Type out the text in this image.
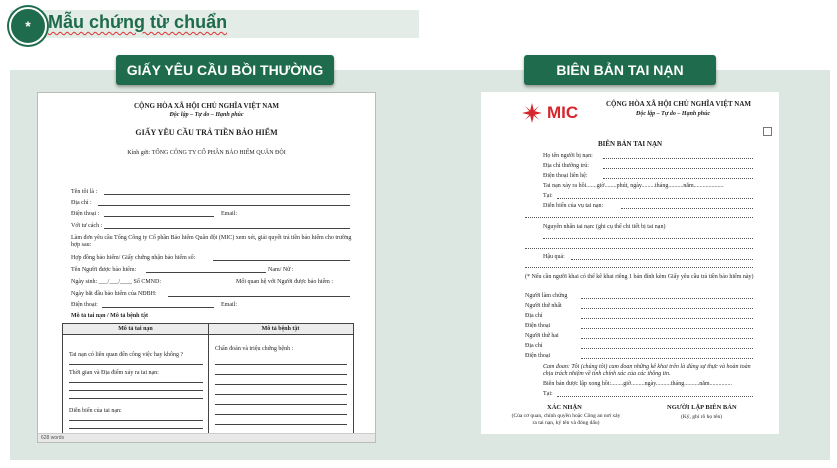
* Mẫu chứng từ chuẩn
GIẤY YÊU CẦU BỒI THƯỜNG	BIÊN BẢN TAI NẠN
CỘNG HÒA XÃ HỘI CHỦ NGHĨA VIỆT NAM
Độc lập – Tự do – Hạnh phúc
GIẤY YÊU CẦU TRẢ TIỀN BẢO HIỂM
Kính gửi: TỔNG CÔNG TY CỔ PHẦN BẢO HIỂM QUÂN ĐỘI
Tên tôi là :
Địa chỉ :
Điện thoại :	Email:
Với tư cách :
Làm đơn yêu cầu Tổng Công ty Cổ phần Bảo hiểm Quân đội (MIC) xem xét, giải quyết trả tiền bảo hiểm cho trường hợp sau:
Hợp đồng bảo hiểm/ Giấy chứng nhận bảo hiểm số:
Tên Người được bảo hiểm:	Nam/ Nữ :
Ngày sinh: ___/___/____ Số CMND:	Mối quan hệ với Người được bảo hiểm :
Ngày bắt đầu bảo hiểm của NĐBH:
Điện thoại:	Email:
Mô tả tai nạn / Mô tả bệnh tật
Mô tả tai nạn	Mô tả bệnh tật
Tai nạn có liên quan đến công việc hay không ?
Thời gian và Địa điểm xảy ra tai nạn:
Diễn biến của tai nạn:
Chẩn đoán và triệu chứng bệnh :
628 words
MIC	CỘNG HÒA XÃ HỘI CHỦ NGHĨA VIỆT NAM
Độc lập – Tự do – Hạnh phúc
BIÊN BẢN TAI NẠN
Họ tên người bị nạn:
Địa chỉ thường trú:
Điện thoại liên hệ:
Tai nạn xảy ra hồi.......giờ........phút, ngày.........tháng..........năm....................
Tại:
Diễn biến của vụ tai nạn:
Nguyên nhân tai nạn: (ghi cụ thể chi tiết bị tai nạn)
Hậu quả:
(* Nếu cần người khai có thể kê khai riêng 1 bản đính kèm Giấy yêu cầu trả tiền bảo hiểm này)
Người làm chứng
Người thứ nhất
Địa chỉ
Điện thoại
Người thứ hai
Địa chỉ
Điện thoại
Cam đoan: Tôi (chúng tôi) cam đoan những kê khai trên là đúng sự thực và hoàn toàn chịu trách nhiệm về tính chính xác của các thông tin.
Biên bản được lập xong hồi:........giờ.........ngày..........tháng..........năm...............
Tại:
XÁC NHẬN
(Của cơ quan, chính quyền hoặc Công an nơi xảy ra tai nạn, ký tên và đóng dấu)
NGƯỜI LẬP BIÊN BẢN
(Ký, ghi rõ họ tên)
